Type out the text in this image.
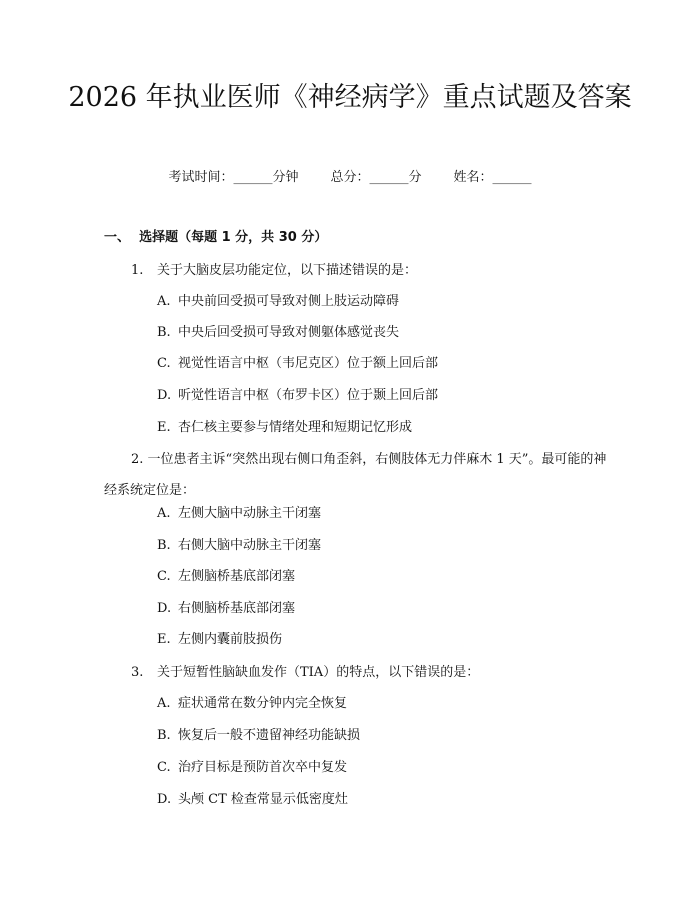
2026 年执业医师《神经病学》重点试题及答案
考试时间：______分钟 总分：______分 姓名：______
一、 选择题（每题 1 分，共 30 分）
1. 关于大脑皮层功能定位，以下描述错误的是：
A. 中央前回受损可导致对侧上肢运动障碍
B. 中央后回受损可导致对侧躯体感觉丧失
C. 视觉性语言中枢（韦尼克区）位于额上回后部
D. 听觉性语言中枢（布罗卡区）位于颞上回后部
E. 杏仁核主要参与情绪处理和短期记忆形成
2. 一位患者主诉“突然出现右侧口角歪斜，右侧肢体无力伴麻木 1 天”。最可能的神经系统定位是：
A. 左侧大脑中动脉主干闭塞
B. 右侧大脑中动脉主干闭塞
C. 左侧脑桥基底部闭塞
D. 右侧脑桥基底部闭塞
E. 左侧内囊前肢损伤
3. 关于短暂性脑缺血发作（TIA）的特点，以下错误的是：
A. 症状通常在数分钟内完全恢复
B. 恢复后一般不遗留神经功能缺损
C. 治疗目标是预防首次卒中复发
D. 头颅 CT 检查常显示低密度灶
